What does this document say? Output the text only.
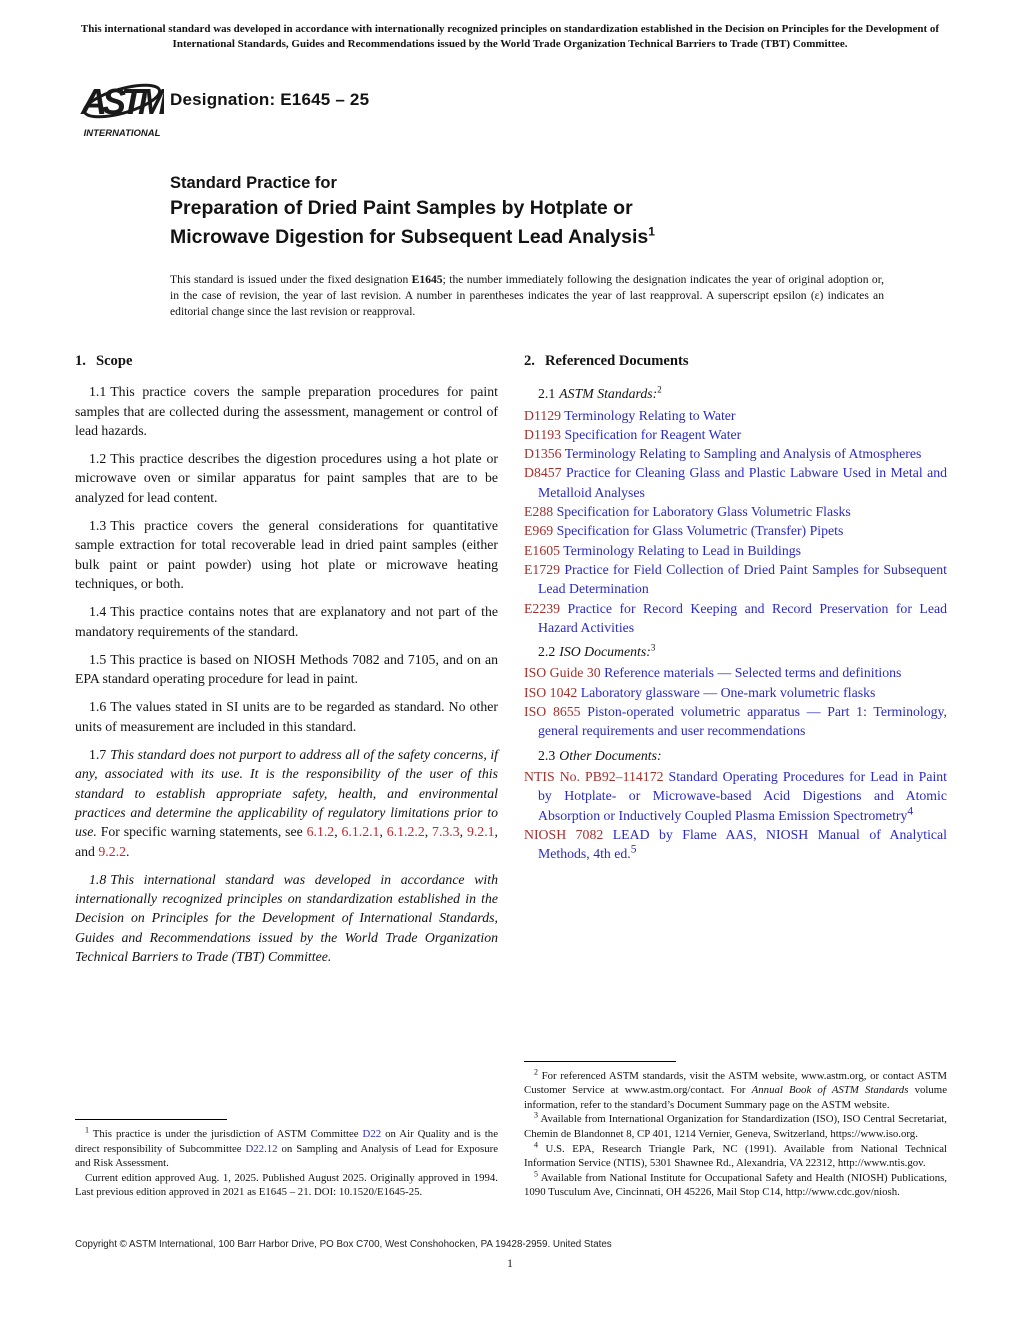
This international standard was developed in accordance with internationally recognized principles on standardization established in the Decision on Principles for the Development of International Standards, Guides and Recommendations issued by the World Trade Organization Technical Barriers to Trade (TBT) Committee.
ASTM
INTERNATIONAL
Designation: E1645 – 25
Standard Practice for
Preparation of Dried Paint Samples by Hotplate or
Microwave Digestion for Subsequent Lead Analysis$^1$
This standard is issued under the fixed designation E1645; the number immediately following the designation indicates the year of original adoption or, in the case of revision, the year of last revision. A number in parentheses indicates the year of last reapproval. A superscript epsilon (ε) indicates an editorial change since the last revision or reapproval.
1. Scope

1.1 This practice covers the sample preparation procedures for paint samples that are collected during the assessment, management or control of lead hazards.

1.2 This practice describes the digestion procedures using a hot plate or microwave oven or similar apparatus for paint samples that are to be analyzed for lead content.

1.3 This practice covers the general considerations for quantitative sample extraction for total recoverable lead in dried paint samples (either bulk paint or paint powder) using hot plate or microwave heating techniques, or both.

1.4 This practice contains notes that are explanatory and not part of the mandatory requirements of the standard.

1.5 This practice is based on NIOSH Methods 7082 and 7105, and on an EPA standard operating procedure for lead in paint.

1.6 The values stated in SI units are to be regarded as standard. No other units of measurement are included in this standard.

1.7 This standard does not purport to address all of the safety concerns, if any, associated with its use. It is the responsibility of the user of this standard to establish appropriate safety, health, and environmental practices and determine the applicability of regulatory limitations prior to use. For specific warning statements, see 6.1.2, 6.1.2.1, 6.1.2.2, 7.3.3, 9.2.1, and 9.2.2.

1.8 This international standard was developed in accordance with internationally recognized principles on standardization established in the Decision on Principles for the Development of International Standards, Guides and Recommendations issued by the World Trade Organization Technical Barriers to Trade (TBT) Committee.

$^1$ This practice is under the jurisdiction of ASTM Committee D22 on Air Quality and is the direct responsibility of Subcommittee D22.12 on Sampling and Analysis of Lead for Exposure and Risk Assessment.

Current edition approved Aug. 1, 2025. Published August 2025. Originally approved in 1994. Last previous edition approved in 2021 as E1645 – 21. DOI: 10.1520/E1645-25.

2. Referenced Documents

2.1 ASTM Standards:$^2$

D1129 Terminology Relating to Water

D1193 Specification for Reagent Water

D1356 Terminology Relating to Sampling and Analysis of Atmospheres

D8457 Practice for Cleaning Glass and Plastic Labware Used in Metal and Metalloid Analyses

E288 Specification for Laboratory Glass Volumetric Flasks

E969 Specification for Glass Volumetric (Transfer) Pipets

E1605 Terminology Relating to Lead in Buildings

E1729 Practice for Field Collection of Dried Paint Samples for Subsequent Lead Determination

E2239 Practice for Record Keeping and Record Preservation for Lead Hazard Activities

2.2 ISO Documents:$^3$

ISO Guide 30 Reference materials — Selected terms and definitions

ISO 1042 Laboratory glassware — One-mark volumetric flasks

ISO 8655 Piston-operated volumetric apparatus — Part 1: Terminology, general requirements and user recommendations

2.3 Other Documents:

NTIS No. PB92–114172 Standard Operating Procedures for Lead in Paint by Hotplate- or Microwave-based Acid Digestions and Atomic Absorption or Inductively Coupled Plasma Emission Spectrometry$^4$

NIOSH 7082 LEAD by Flame AAS, NIOSH Manual of Analytical Methods, 4th ed.$^5$

$^2$ For referenced ASTM standards, visit the ASTM website, www.astm.org, or contact ASTM Customer Service at www.astm.org/contact. For Annual Book of ASTM Standards volume information, refer to the standard’s Document Summary page on the ASTM website.

$^3$ Available from International Organization for Standardization (ISO), ISO Central Secretariat, Chemin de Blandonnet 8, CP 401, 1214 Vernier, Geneva, Switzerland, https://www.iso.org.

$^4$ U.S. EPA, Research Triangle Park, NC (1991). Available from National Technical Information Service (NTIS), 5301 Shawnee Rd., Alexandria, VA 22312, http://www.ntis.gov.

$^5$ Available from National Institute for Occupational Safety and Health (NIOSH) Publications, 1090 Tusculum Ave, Cincinnati, OH 45226, Mail Stop C14, http://www.cdc.gov/niosh.

Copyright © ASTM International, 100 Barr Harbor Drive, PO Box C700, West Conshohocken, PA 19428-2959. United States
1
